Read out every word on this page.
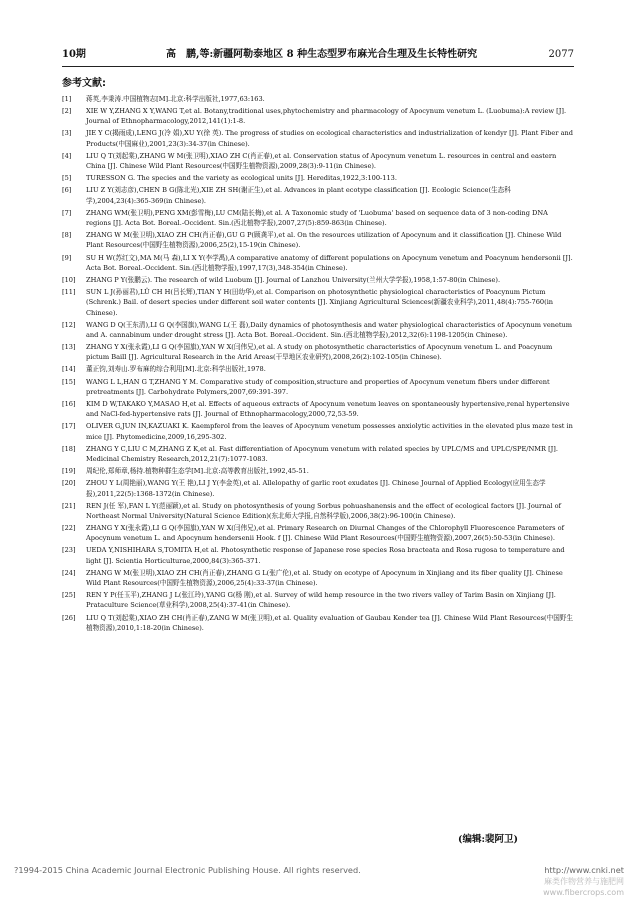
10期	高　鹏,等:新疆阿勒泰地区 8 种生态型罗布麻光合生理及生长特性研究	2077
参考文献:
[1] 蒋英,李秉涛.中国植物志[M].北京:科学出版社,1977,63:163.
[2] XIE W Y,ZHANG X Y,WANG T,et al. Botany,traditional uses,phytochemistry and pharmacology of Apocynum venetum L. (Luobuma):A review [J]. Journal of Ethnopharmacology,2012,141(1):1-8.
[3] JIE Y C(揭雨成),LENG J(冷 娟),XU Y(徐 英). The progress of studies on ecological characteristics and industrialization of kendyr [J]. Plant Fiber and Products(中国麻业),2001,23(3):34-37(in Chinese).
[4] LIU Q T(刘起棠),ZHANG W M(张卫明),XIAO ZH C(肖正春),et al. Conservation status of Apocynum venetum L. resources in central and eastern China [J]. Chinese Wild Plant Resources(中国野生植物资源),2009,28(3):9-11(in Chinese).
[5] TURESSON G. The species and the variety as ecological units [J]. Hereditas,1922,3:100-113.
[6] LIU Z Y(刘志彦),CHEN B G(陈北光),XIE ZH SH(谢正生),et al. Advances in plant ecotype classification [J]. Ecologic Science(生态科学),2004,23(4):365-369(in Chinese).
[7] ZHANG WM(张卫明),PENG XM(彭雪梅),LU CM(陆长梅),et al. A Taxonomic study of 'Luobuma' based on sequence data of 3 non-coding DNA regions [J]. Acta Bot. Boreal.-Occident. Sin.(西北植物学报),2007,27(5):859-863(in Chinese).
[8] ZHANG W M(张卫明),XIAO ZH CH(肖正春),GU G P(顾龚平),et al. On the resources utilization of Apocynum and it classification [J]. Chinese Wild Plant Resources(中国野生植物资源),2006,25(2),15-19(in Chinese).
[9] SU H W(苏红文),MA M(马 森),LI X Y(李学禹),A comparative anatomy of different populations on Apocynum venetum and Poacynum hendersonii [J]. Acta Bot. Boreal.-Occident. Sin.(西北植物学报),1997,17(3),348-354(in Chinese).
[10] ZHANG P Y(张鹏云). The research of wild Luobum [J]. Journal of Lanzhou University(兰州大学学报),1958,1:57-80(in Chinese).
[11] SUN L J(孙丽君),LÜ CH H(吕长辉),TIAN Y H(田幼华),et al. Comparison on photosynthetic physiological characteristics of Poacynum Pictum (Schrenk.) Bail. of desert species under different soil water contents [J]. Xinjiang Agricultural Sciences(新疆农业科学),2011,48(4):755-760(in Chinese).
[12] WANG D Q(王东清),LI G Q(李国旗),WANG L(王 磊),Daily dynamics of photosynthesis and water physiological characteristics of Apocynum venetum and A. cannabinum under drought stress [J]. Acta Bot. Boreal.-Occident. Sin.(西北植物学报),2012,32(6):1198-1205(in Chinese).
[13] ZHANG Y X(张永霞),LI G Q(李国旗),YAN W X(闫伟兄),et al. A study on photosynthetic characteristics of Apocynum venetum L. and Poacynum pictum Baill [J]. Agricultural Research in the Arid Areas(干旱地区农业研究),2008,26(2):102-105(in Chinese).
[14] 董正钧,刘寿山.罗布麻的综合利用[M].北京:科学出版社,1978.
[15] WANG L L,HAN G T,ZHANG Y M. Comparative study of composition,structure and properties of Apocynum venetum fibers under different pretreatments [J]. Carbohydrate Polymers,2007,69:391-397.
[16] KIM D W,TAKAKO Y,MASAO H,et al. Effects of aqueous extracts of Apocynum venetum leaves on spontaneously hypertensive,renal hypertensive and NaCl-fed-hypertensive rats [J]. Journal of Ethnopharmacology,2000,72,53-59.
[17] OLIVER G,JUN IN,KAZUAKI K. Kaempferol from the leaves of Apocynum venetum possesses anxiolytic activities in the elevated plus maze test in mice [J]. Phytomedicine,2009,16,295-302.
[18] ZHANG Y C,LIU C M,ZHANG Z K,et al. Fast differentiation of Apocynum venetum with related species by UPLC/MS and UPLC/SPE/NMR [J]. Medicinal Chemistry Research,2012,21(7):1077-1083.
[19] 周纪伦,郑师章,杨持.植物种群生态学[M].北京:高等教育出版社,1992,45-51.
[20] ZHOU Y L(周艳丽),WANG Y(王 艳),LI J Y(李金英),et al. Allelopathy of garlic root exudates [J]. Chinese Journal of Applied Ecology(应用生态学报),2011,22(5):1368-1372(in Chinese).
[21] REN J(任 军),FAN L Y(范丽颖),et al. Study on photosynthesis of young Sorbus pohuashanensis and the effect of ecological factors [J]. Journal of Northeast Normal University(Natural Science Edition)(东北师大学报,自然科学版),2006,38(2):96-100(in Chinese).
[22] ZHANG Y X(张永霞),LI G Q(李国旗),YAN W X(闫伟兄),et al. Primary Research on Diurnal Changes of the Chlorophyll Fluorescence Parameters of Apocynum venetum L. and Apocynum hendersenii Hook. f [J]. Chinese Wild Plant Resources(中国野生植物资源),2007,26(5):50-53(in Chinese).
[23] UEDA Y,NISHIHARA S,TOMITA H,et al. Photosynthetic response of Japanese rose species Rosa bracteata and Rosa rugosa to temperature and light [J]. Scientia Horticulturae,2000,84(3):365-371.
[24] ZHANG W M(张卫明),XIAO ZH CH(肖正春),ZHANG G L(张广伦),et al. Study on ecotype of Apocynum in Xinjiang and its fiber quality [J]. Chinese Wild Plant Resources(中国野生植物资源),2006,25(4):33-37(in Chinese).
[25] REN Y P(任玉平),ZHANG J L(张江玲),YANG G(杨 刚),et al. Survey of wild hemp resource in the two rivers valley of Tarim Basin on Xinjiang [J]. Prataculture Science(草业科学),2008,25(4):37-41(in Chinese).
[26] LIU Q T(刘起棠),XIAO ZH CH(肖正春),ZANG W M(张卫明),et al. Quality evaluation of Gaubau Kender tea [J]. Chinese Wild Plant Resources(中国野生植物资源),2010,1:18-20(in Chinese).
(编辑:裴阿卫)
?1994-2015 China Academic Journal Electronic Publishing House. All rights reserved.	http://www.cnki.net
麻类作物营养与施肥网 www.fibercrops.com
